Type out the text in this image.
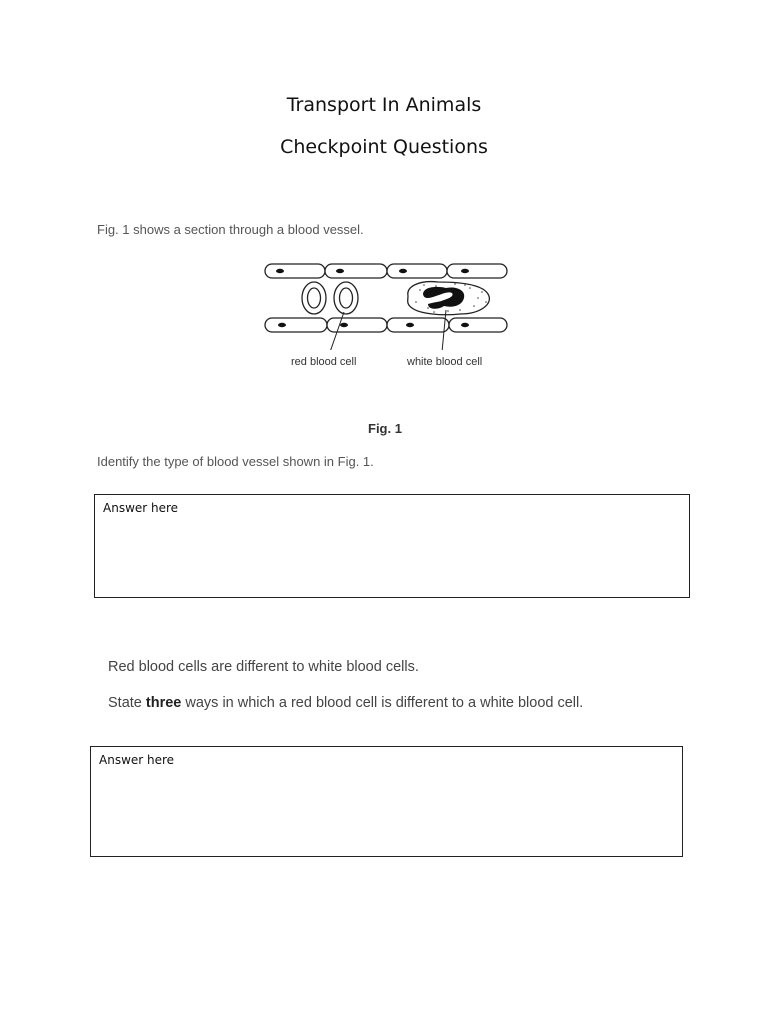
Transport In Animals
Checkpoint Questions
Fig. 1 shows a section through a blood vessel.
red blood cell	white blood cell
Fig. 1
Identify the type of blood vessel shown in Fig. 1.
Answer here
Red blood cells are different to white blood cells.
State three ways in which a red blood cell is different to a white blood cell.
Answer here
